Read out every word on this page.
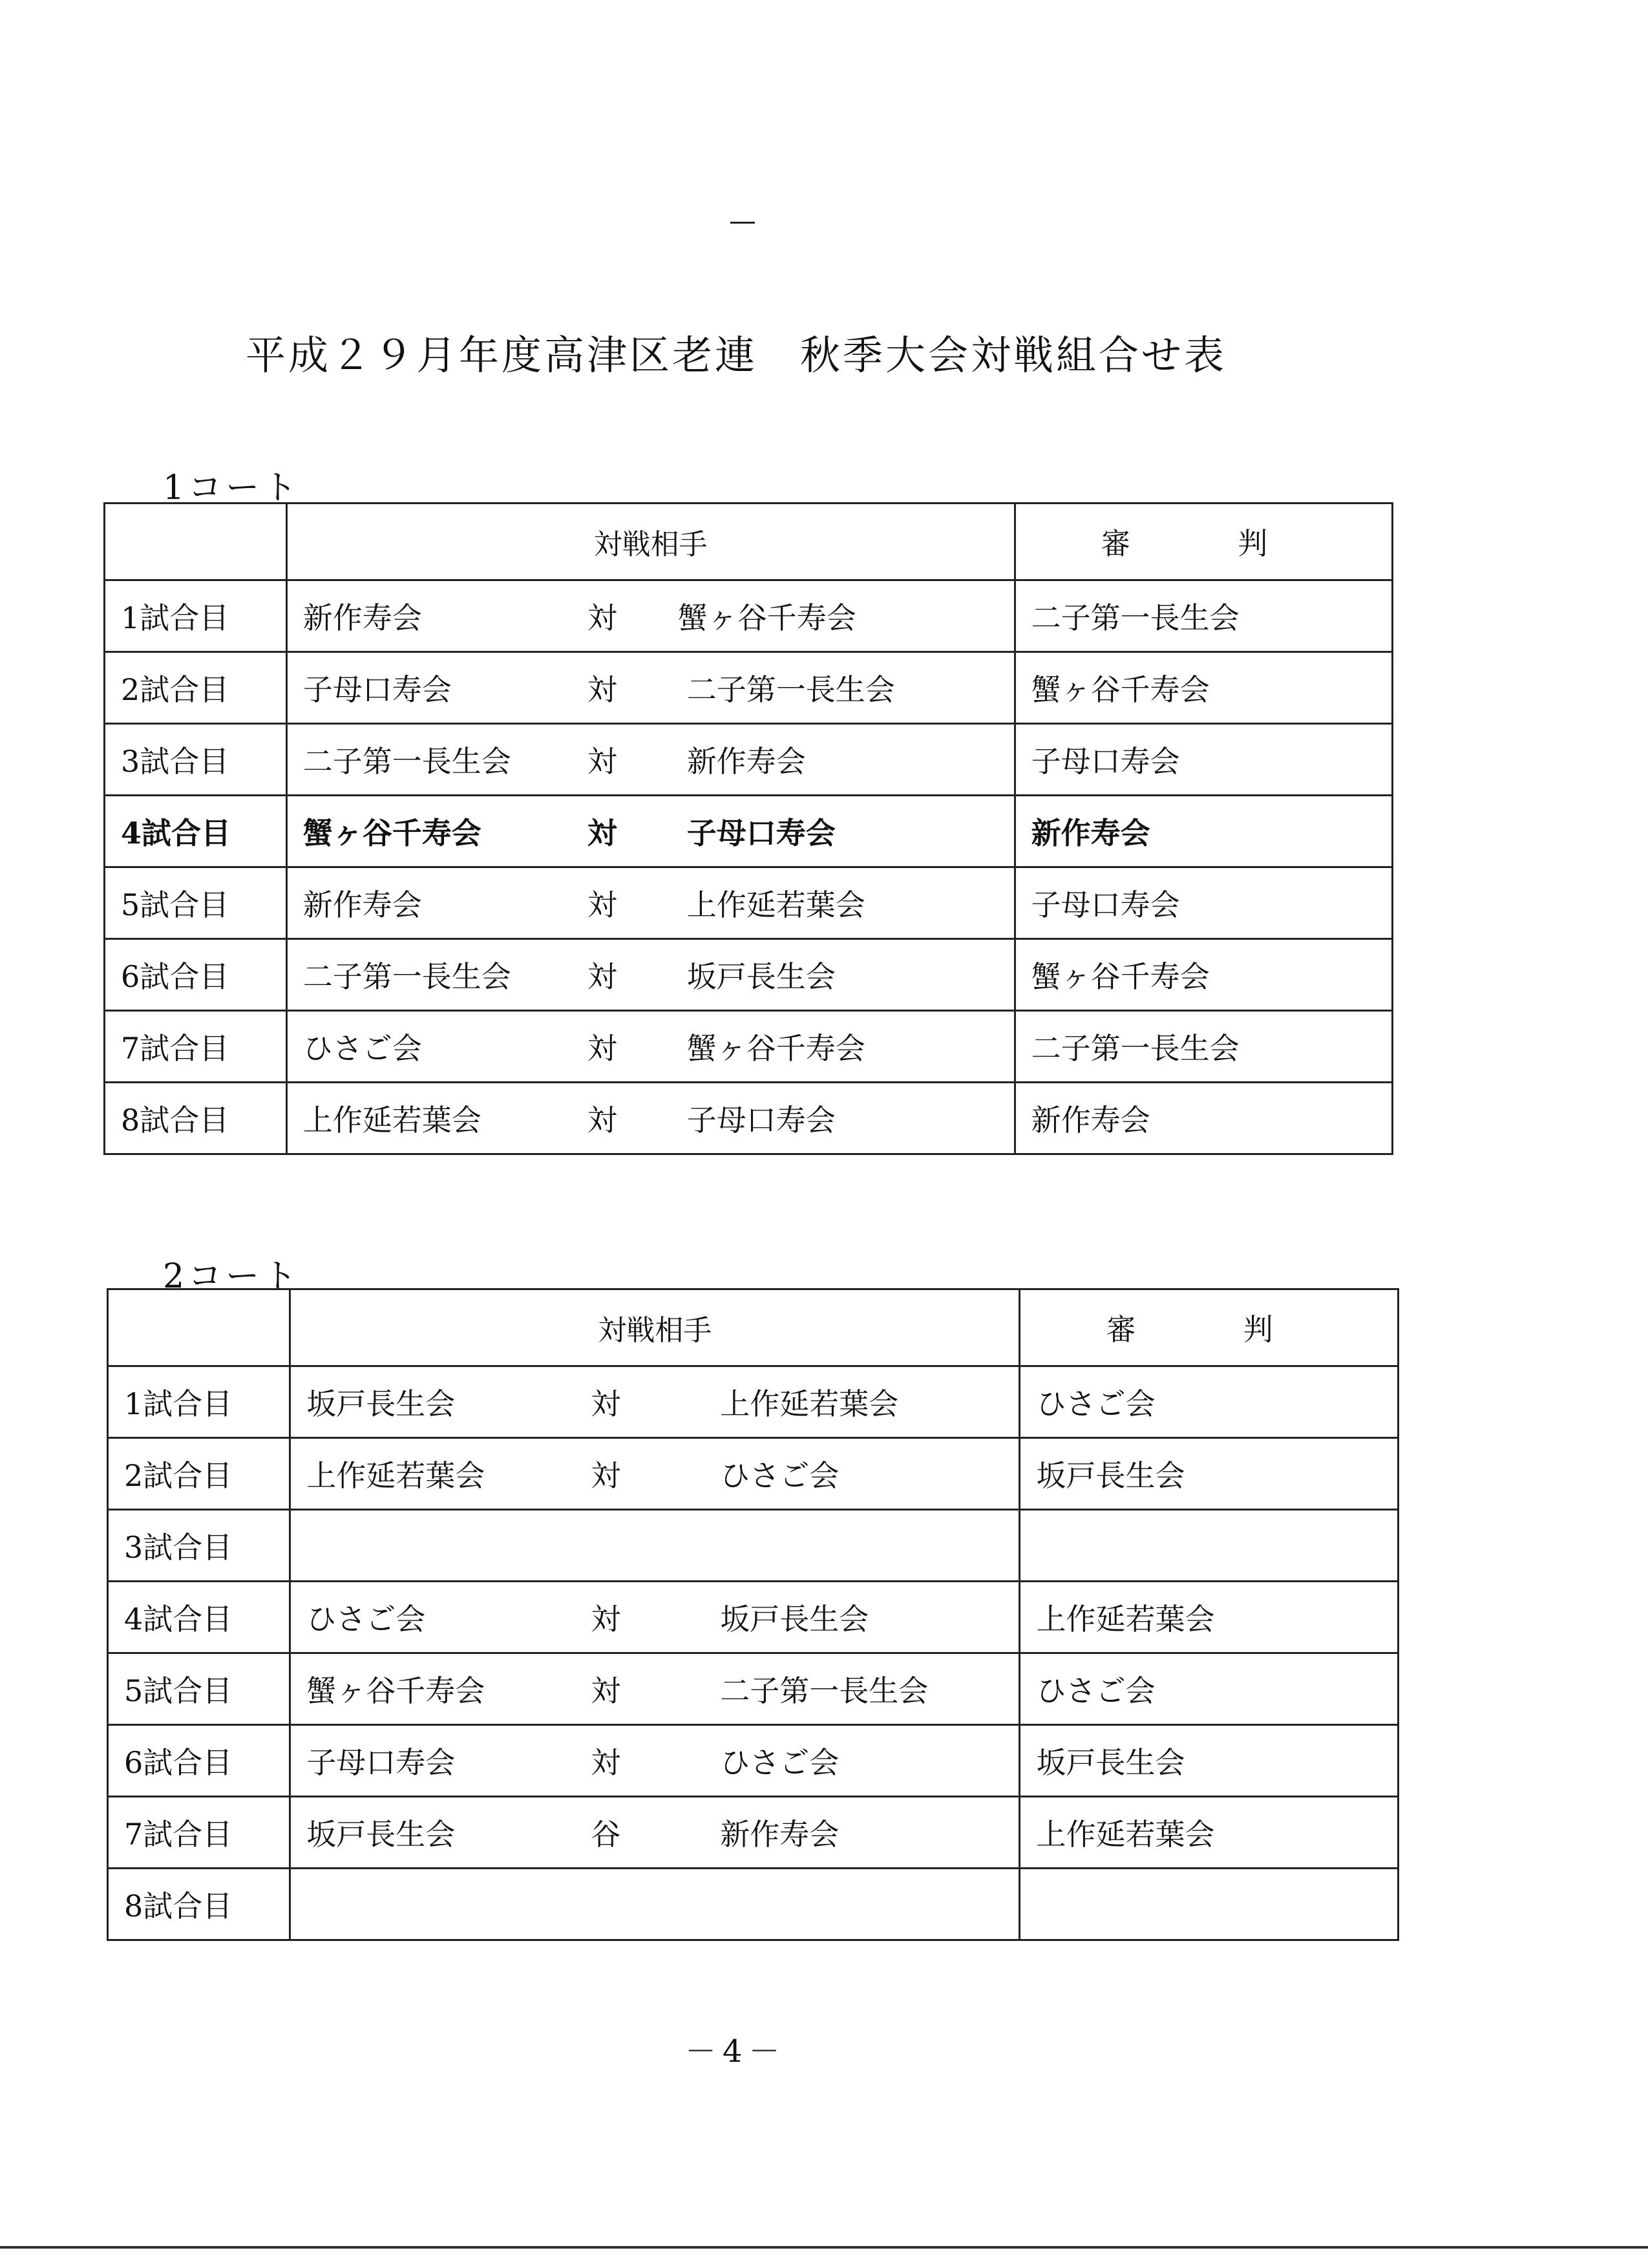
平成２９月年度高津区老連　秋季大会対戦組合せ表
1コート
	対戦相手	審　判
1試合目	新作寿会 対 蟹ヶ谷千寿会	二子第一長生会
2試合目	子母口寿会 対 二子第一長生会	蟹ヶ谷千寿会
3試合目	二子第一長生会 対 新作寿会	子母口寿会
4試合目	蟹ヶ谷千寿会 対 子母口寿会	新作寿会
5試合目	新作寿会 対 上作延若葉会	子母口寿会
6試合目	二子第一長生会 対 坂戸長生会	蟹ヶ谷千寿会
7試合目	ひさご会 対 蟹ヶ谷千寿会	二子第一長生会
8試合目	上作延若葉会 対 子母口寿会	新作寿会
2コート
	対戦相手	審　判
1試合目	坂戸長生会 対 上作延若葉会	ひさご会
2試合目	上作延若葉会 対 ひさご会	坂戸長生会
3試合目	

4試合目	ひさご会 対 坂戸長生会	上作延若葉会
5試合目	蟹ヶ谷千寿会 対 二子第一長生会	ひさご会
6試合目	子母口寿会 対 ひさご会	坂戸長生会
7試合目	坂戸長生会 谷 新作寿会	上作延若葉会
8試合目	

－4－
